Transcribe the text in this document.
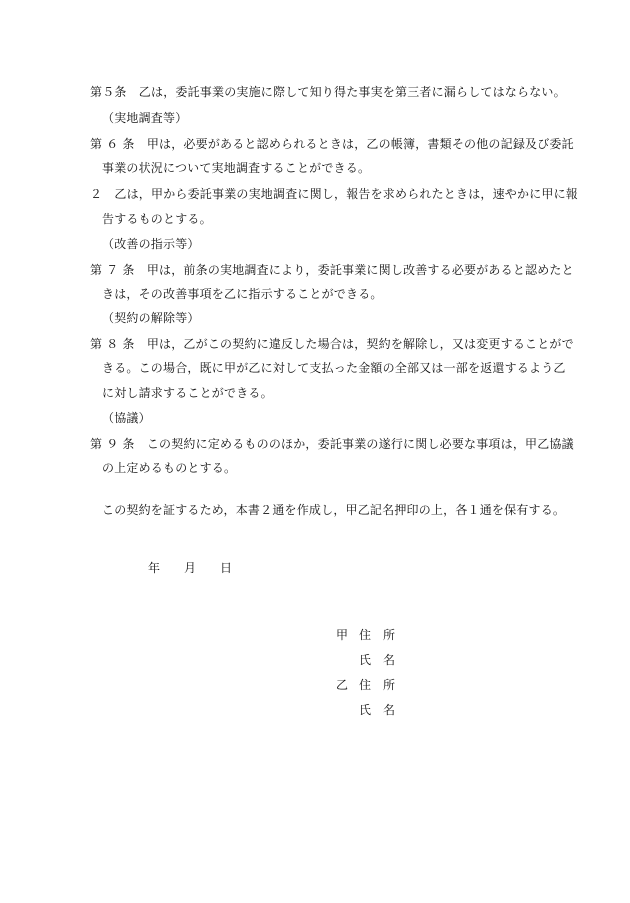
第５条　乙は，委託事業の実施に際して知り得た事実を第三者に漏らしてはならない。
（実地調査等）
第 ６ 条　甲は，必要があると認められるときは，乙の帳簿，書類その他の記録及び委託
事業の状況について実地調査することができる。
２　乙は，甲から委託事業の実地調査に関し，報告を求められたときは，速やかに甲に報
告するものとする。
（改善の指示等）
第 ７ 条　甲は，前条の実地調査により，委託事業に関し改善する必要があると認めたと
きは，その改善事項を乙に指示することができる。
（契約の解除等）
第 ８ 条　甲は，乙がこの契約に違反した場合は，契約を解除し，又は変更することがで
きる。この場合，既に甲が乙に対して支払った金額の全部又は一部を返還するよう乙
に対し請求することができる。
（協議）
第 ９ 条　この契約に定めるもののほか，委託事業の遂行に関し必要な事項は，甲乙協議
の上定めるものとする。
この契約を証するため，本書２通を作成し，甲乙記名押印の上，各１通を保有する。
年 月 日
甲 住　所
氏　名
乙 住　所
氏　名
